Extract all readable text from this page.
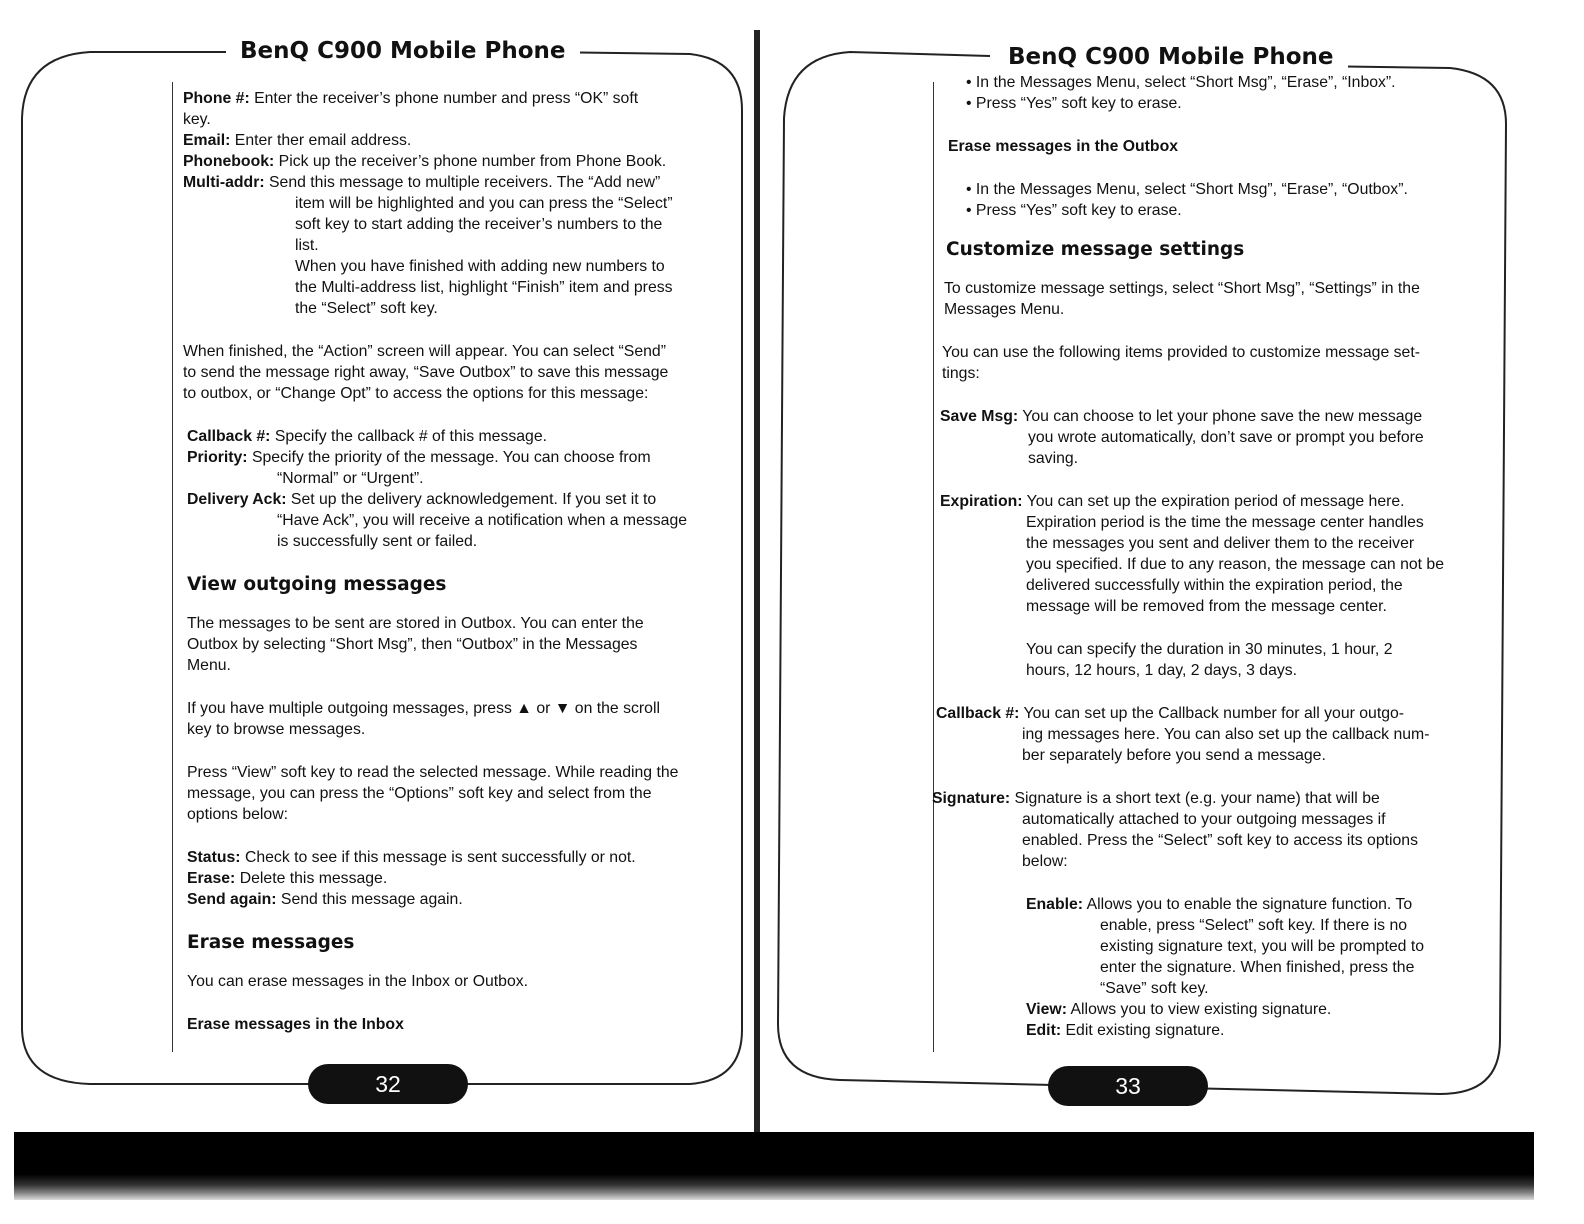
BenQ C900 Mobile Phone
32
BenQ C900 Mobile Phone
33

Phone #: Enter the receiver’s phone number and press “OK” soft

key.

Email: Enter ther email address.

Phonebook: Pick up the receiver’s phone number from Phone Book.

Multi-addr: Send this message to multiple receivers. The “Add new”

item will be highlighted and you can press the “Select”

soft key to start adding the receiver’s numbers to the

list.

When you have finished with adding new numbers to

the Multi-address list, highlight “Finish” item and press

the “Select” soft key.

When finished, the “Action” screen will appear. You can select “Send”

to send the message right away, “Save Outbox” to save this message

to outbox, or “Change Opt” to access the options for this message:

Callback #: Specify the callback # of this message.

Priority: Specify the priority of the message. You can choose from

“Normal” or “Urgent”.

Delivery Ack: Set up the delivery acknowledgement. If you set it to

“Have Ack”, you will receive a notification when a message

is successfully sent or failed.

View outgoing messages

The messages to be sent are stored in Outbox. You can enter the

Outbox by selecting “Short Msg”, then “Outbox” in the Messages

Menu.

If you have multiple outgoing messages, press ▲ or ▼ on the scroll

key to browse messages.

Press “View” soft key to read the selected message. While reading the

message, you can press the “Options” soft key and select from the

options below:

Status: Check to see if this message is sent successfully or not.

Erase: Delete this message.

Send again: Send this message again.

Erase messages

You can erase messages in the Inbox or Outbox.

Erase messages in the Inbox

• In the Messages Menu, select “Short Msg”, “Erase”, “Inbox”.

• Press “Yes” soft key to erase.

Erase messages in the Outbox

• In the Messages Menu, select “Short Msg”, “Erase”, “Outbox”.

• Press “Yes” soft key to erase.

Customize message settings

To customize message settings, select “Short Msg”, “Settings” in the

Messages Menu.

You can use the following items provided to customize message set-

tings:

Save Msg: You can choose to let your phone save the new message

you wrote automatically, don’t save or prompt you before

saving.

Expiration: You can set up the expiration period of message here.

Expiration period is the time the message center handles

the messages you sent and deliver them to the receiver

you specified. If due to any reason, the message can not be

delivered successfully within the expiration period, the

message will be removed from the message center.

You can specify the duration in 30 minutes, 1 hour, 2

hours, 12 hours, 1 day, 2 days, 3 days.

Callback #: You can set up the Callback number for all your outgo-

ing messages here. You can also set up the callback num-

ber separately before you send a message.

Signature: Signature is a short text (e.g. your name) that will be

automatically attached to your outgoing messages if

enabled. Press the “Select” soft key to access its options

below:

Enable: Allows you to enable the signature function. To

enable, press “Select” soft key. If there is no

existing signature text, you will be prompted to

enter the signature. When finished, press the

“Save” soft key.

View: Allows you to view existing signature.

Edit: Edit existing signature.
